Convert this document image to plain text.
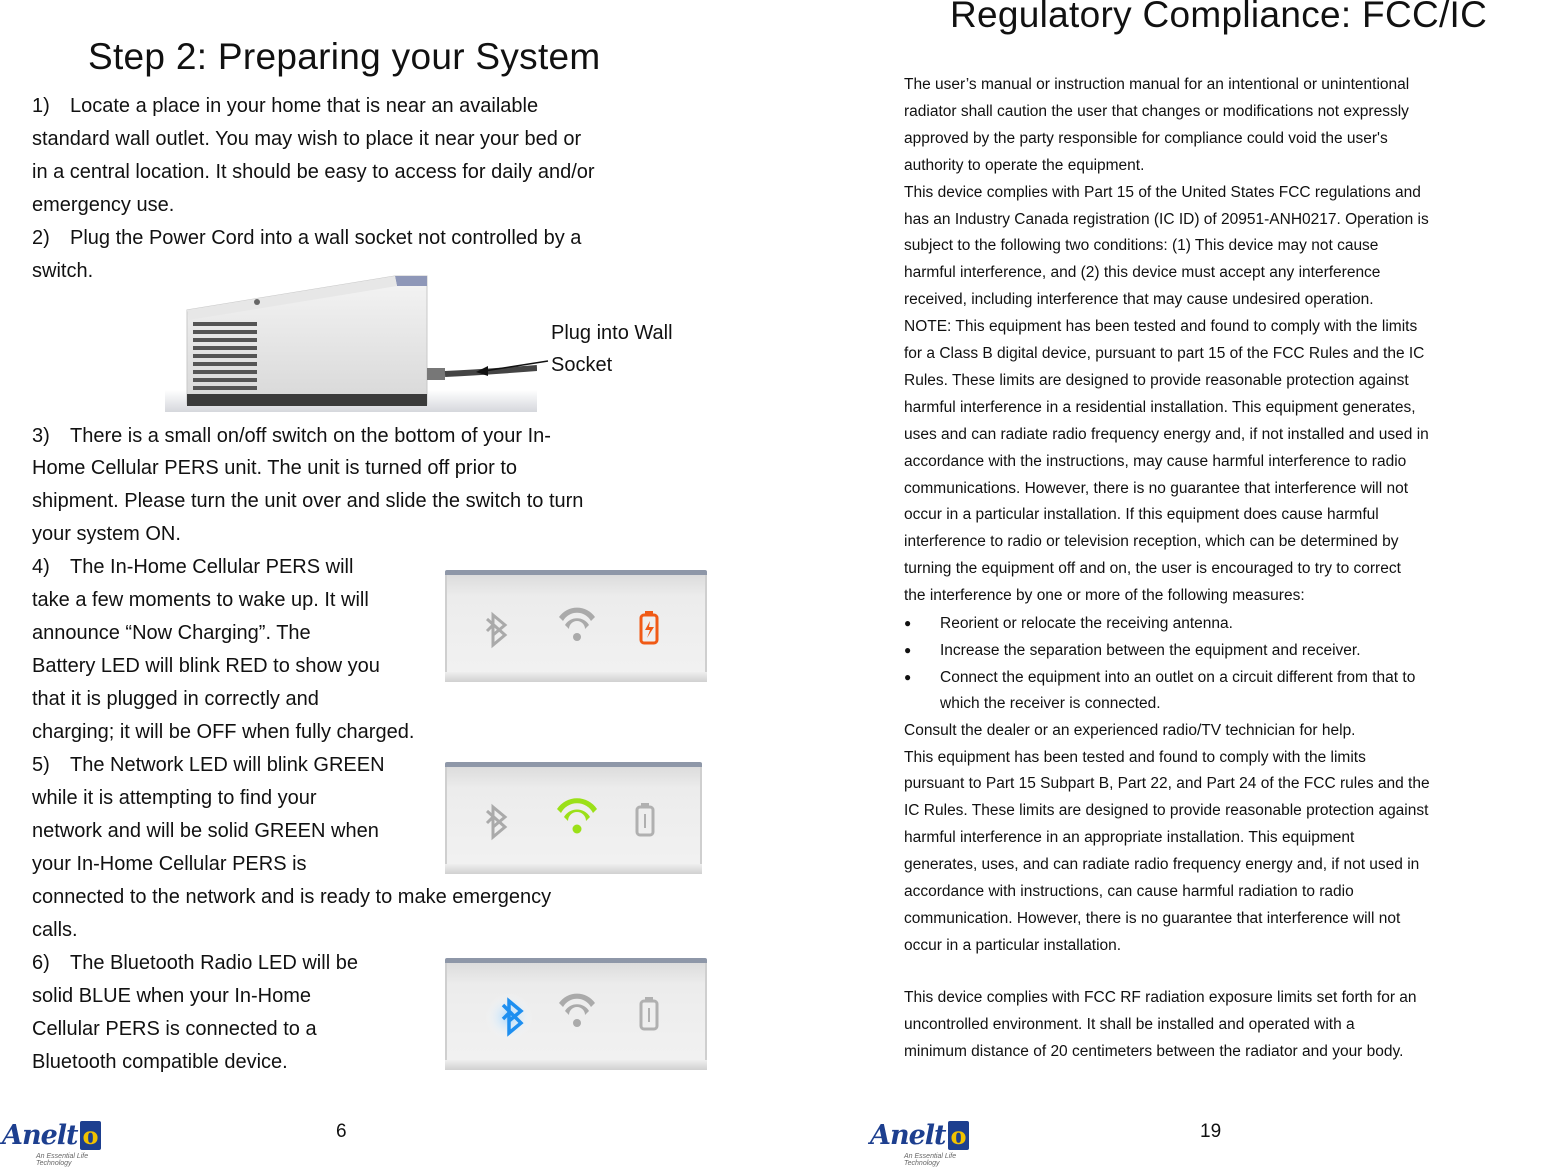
Step 2: Preparing your System
1) Locate a place in your home that is near an available
standard wall outlet. You may wish to place it near your bed or
in a central location. It should be easy to access for daily and/or
emergency use.
2) Plug the Power Cord into a wall socket not controlled by a
switch.
3) There is a small on/off switch on the bottom of your In-
Home Cellular PERS unit. The unit is turned off prior to
shipment. Please turn the unit over and slide the switch to turn
your system ON.
4) The In-Home Cellular PERS will
take a few moments to wake up. It will
announce “Now Charging”. The
Battery LED will blink RED to show you
that it is plugged in correctly and
charging; it will be OFF when fully charged.
5) The Network LED will blink GREEN
while it is attempting to find your
network and will be solid GREEN when
your In-Home Cellular PERS is
connected to the network and is ready to make emergency
calls.
6) The Bluetooth Radio LED will be
solid BLUE when your In-Home
Cellular PERS is connected to a
Bluetooth compatible device.
Plug into Wall
Socket
Anelt o
An Essential Life Technology
6
Regulatory Compliance: FCC/IC
The user’s manual or instruction manual for an intentional or unintentional
radiator shall caution the user that changes or modifications not expressly
approved by the party responsible for compliance could void the user's
authority to operate the equipment.
This device complies with Part 15 of the United States FCC regulations and
has an Industry Canada registration (IC ID) of 20951-ANH0217. Operation is
subject to the following two conditions: (1) This device may not cause
harmful interference, and (2) this device must accept any interference
received, including interference that may cause undesired operation.
NOTE: This equipment has been tested and found to comply with the limits
for a Class B digital device, pursuant to part 15 of the FCC Rules and the IC
Rules. These limits are designed to provide reasonable protection against
harmful interference in a residential installation. This equipment generates,
uses and can radiate radio frequency energy and, if not installed and used in
accordance with the instructions, may cause harmful interference to radio
communications. However, there is no guarantee that interference will not
occur in a particular installation. If this equipment does cause harmful
interference to radio or television reception, which can be determined by
turning the equipment off and on, the user is encouraged to try to correct
the interference by one or more of the following measures:
● Reorient or relocate the receiving antenna.
● Increase the separation between the equipment and receiver.
● Connect the equipment into an outlet on a circuit different from that to
which the receiver is connected.
Consult the dealer or an experienced radio/TV technician for help.
This equipment has been tested and found to comply with the limits
pursuant to Part 15 Subpart B, Part 22, and Part 24 of the FCC rules and the
IC Rules. These limits are designed to provide reasonable protection against
harmful interference in an appropriate installation. This equipment
generates, uses, and can radiate radio frequency energy and, if not used in
accordance with instructions, can cause harmful radiation to radio
communication. However, there is no guarantee that interference will not
occur in a particular installation.
This device complies with FCC RF radiation exposure limits set forth for an
uncontrolled environment. It shall be installed and operated with a
minimum distance of 20 centimeters between the radiator and your body.
Anelt o
An Essential Life Technology
19
